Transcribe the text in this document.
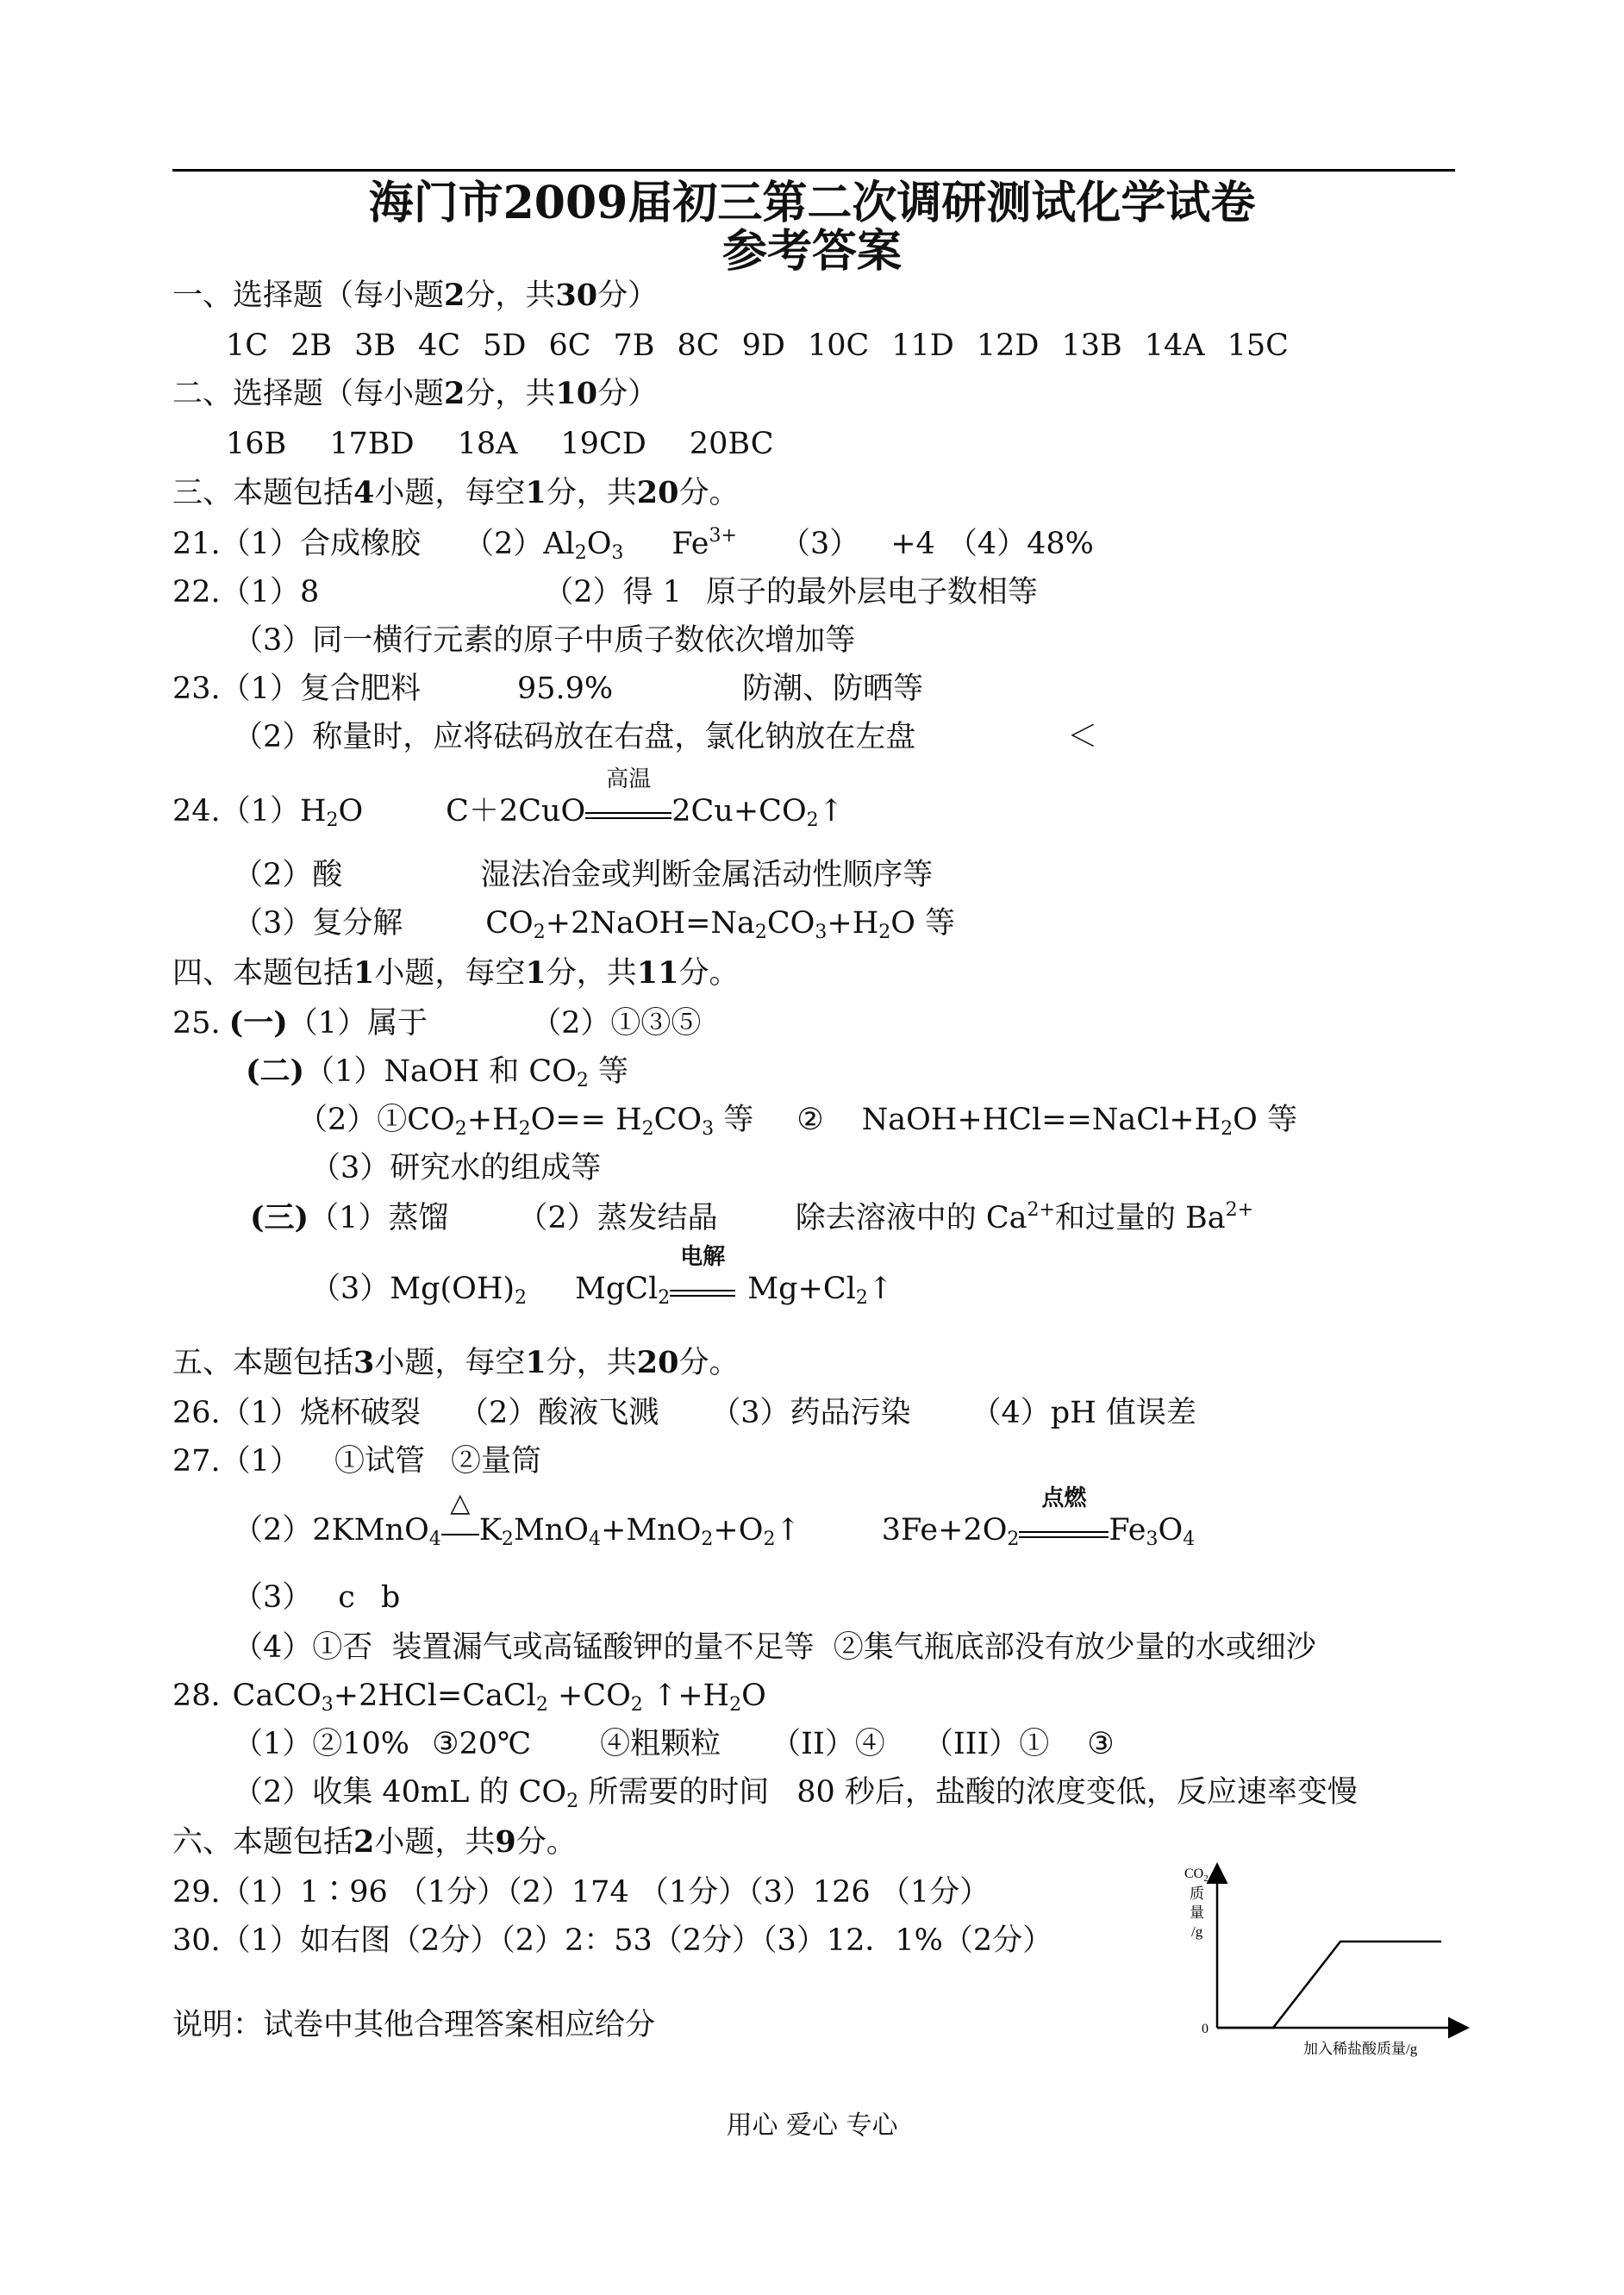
海门市2009届初三第二次调研测试化学试卷
参考答案
一、选择题（每小题2分，共30分）
1C 2B 3B 4C 5D 6C 7B 8C 9D 10C 11D 12D 13B 14A 15C
二、选择题（每小题2分，共10分）
16B 17BD 18A 19CD 20BC
三、本题包括4小题，每空1分，共20分。
21.（1）合成橡胶 $(2)Al_2O_3$ $Fe^{3+}$ （3） +4 （4）48%
22.（1）8	（2）得 1 原子的最外层电子数相等
（3）同一横行元素的原子中质子数依次增加等
23.（1）复合肥料	95.9%	防潮、防晒等
（2）称量时，应将砝码放在右盘，氯化钠放在左盘	＜
$24.(1)H_2O$	C＋2CuO
高温
$2Cu+CO_2↑$
（2）酸	湿法冶金或判断金属活动性顺序等
（3）复分解	$CO_2+2NaOH=Na_2CO_3+H_2O$ 等
四、本题包括1小题，每空1分，共11分。
25. (一)（1）属于	（2）①③⑤
(二)（1）NaOH 和 $CO_2$ 等
$(2)①CO_2+H_2O== H_2CO_3$ 等 ② $NaOH+HCl==NaCl+H_2O$ 等
（3）研究水的组成等
(三)（1）蒸馏 （2）蒸发结晶	除去溶液中的 $Ca^{2+}$和过量的 $Ba^{2+}$
$(3)Mg(OH)_2$ MgCl$_2$
电解
$Mg+Cl_2↑$
五、本题包括3小题，每空1分，共20分。
26.（1）烧杯破裂 （2）酸液飞溅 （3）药品污染 （4）pH 值误差
27.（1） ①试管 ②量筒
（2）2KMnO$_4$
△
$K_2MnO_4+MnO_2+O_2↑$	$3Fe+2O_2$
点燃
$Fe_3O_4$
（3） c b
（4）①否  装置漏气或高锰酸钾的量不足等  ②集气瓶底部没有放少量的水或细沙
28. CaCO$_3$+2HCl=CaCl$_2$ $+CO_2$ $↑+H_2O$
（1）②10% ③20℃ ④粗颗粒 （II）④ （III）① ③
（2）收集 40mL 的 $CO_2$ 所需要的时间 80 秒后，盐酸的浓度变低，反应速率变慢
六、本题包括2小题，共9分。
29.（1）1∶96 （1分）（2）174 （1分）（3）126 （1分）
30.（1）如右图（2分）（2）2：53（2分）（3）12．1%（2分）
说明：试卷中其他合理答案相应给分
$CO_2$
质
量
/g
0
加入稀盐酸质量/g
用心 爱心 专心
